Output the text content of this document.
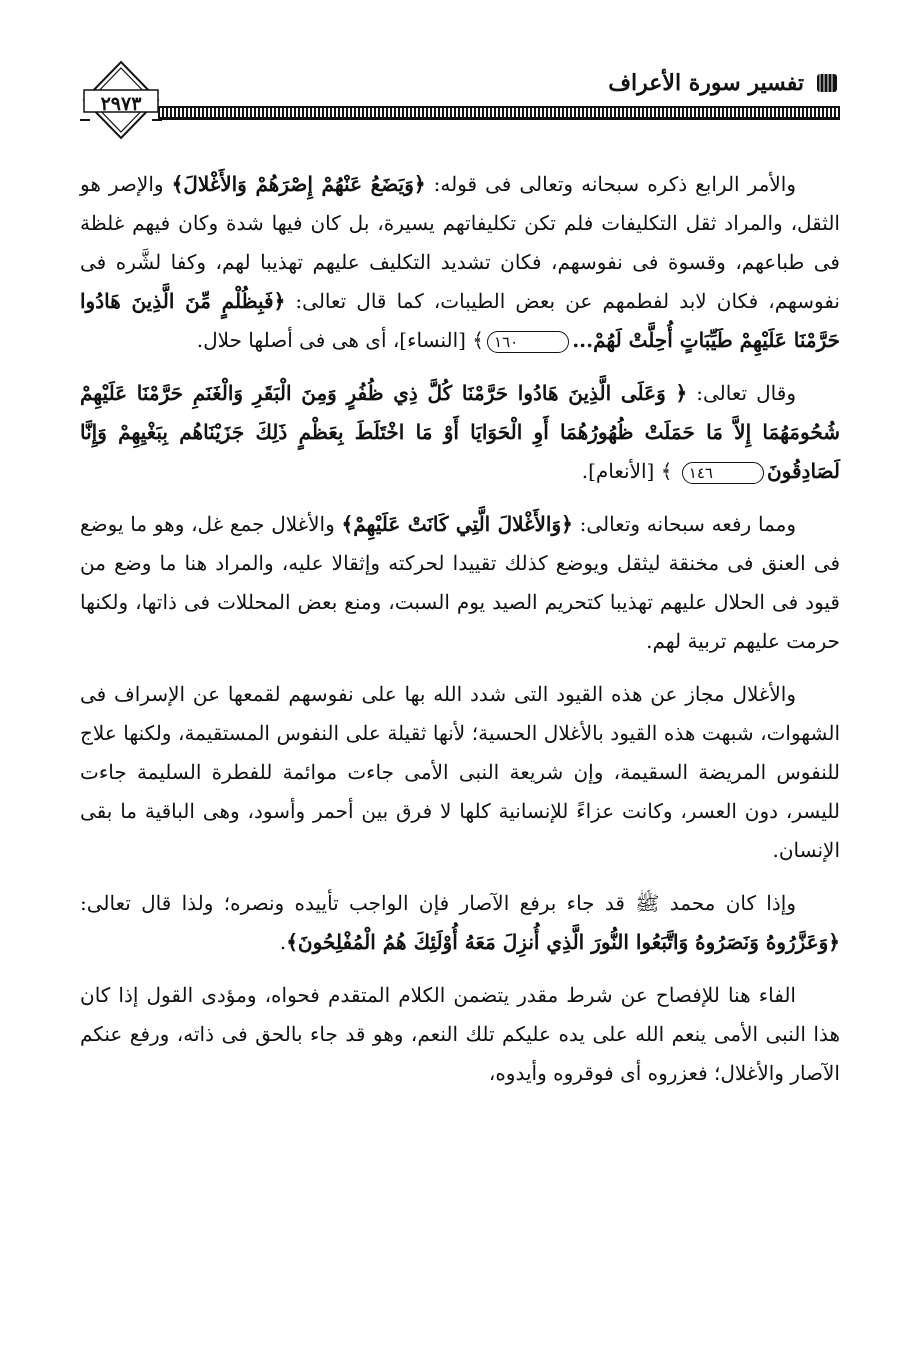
٢٩٧٣
تفسير سورة الأعراف

والأمر الرابع ذكره سبحانه وتعالى فى قوله: ﴿وَيَضَعُ عَنْهُمْ إِصْرَهُمْ وَالأَغْلالَ﴾ والإصر هو الثقل، والمراد ثقل التكليفات فلم تكن تكليفاتهم يسيرة، بل كان فيها شدة وكان فيهم غلظة فى طباعهم، وقسوة فى نفوسهم، فكان تشديد التكليف عليهم تهذيبا لهم، وكفا لشَّره فى نفوسهم، فكان لابد لفطمهم عن بعض الطيبات، كما قال تعالى: ﴿فَبِظُلْمٍ مِّنَ الَّذِينَ هَادُوا حَرَّمْنَا عَلَيْهِمْ طَيِّبَاتٍ أُحِلَّتْ لَهُمْ...١٦٠﴾ [النساء]، أى هى فى أصلها حلال.

وقال تعالى: ﴿ وَعَلَى الَّذِينَ هَادُوا حَرَّمْنَا كُلَّ ذِي ظُفُرٍ وَمِنَ الْبَقَرِ وَالْغَنَمِ حَرَّمْنَا عَلَيْهِمْ شُحُومَهُمَا إِلاَّ مَا حَمَلَتْ ظُهُورُهُمَا أَوِ الْحَوَايَا أَوْ مَا اخْتَلَطَ بِعَظْمٍ ذَلِكَ جَزَيْنَاهُم بِبَغْيِهِمْ وَإِنَّا لَصَادِقُونَ١٤٦ ﴾ [الأنعام].

ومما رفعه سبحانه وتعالى: ﴿وَالأَغْلالَ الَّتِي كَانَتْ عَلَيْهِمْ﴾ والأغلال جمع غل، وهو ما يوضع فى العنق فى مخنقة ليثقل ويوضع كذلك تقييدا لحركته وإثقالا عليه، والمراد هنا ما وضع من قيود فى الحلال عليهم تهذيبا كتحريم الصيد يوم السبت، ومنع بعض المحللات فى ذاتها، ولكنها حرمت عليهم تربية لهم.

والأغلال مجاز عن هذه القيود التى شدد الله بها على نفوسهم لقمعها عن الإسراف فى الشهوات، شبهت هذه القيود بالأغلال الحسية؛ لأنها ثقيلة على النفوس المستقيمة، ولكنها علاج للنفوس المريضة السقيمة، وإن شريعة النبى الأمى جاءت موائمة للفطرة السليمة جاءت لليسر، دون العسر، وكانت عزاءً للإنسانية كلها لا فرق بين أحمر وأسود، وهى الباقية ما بقى الإنسان.

وإذا كان محمد ﷺ قد جاء برفع الآصار فإن الواجب تأييده ونصره؛ ولذا قال تعالى: ﴿وَعَزَّرُوهُ وَنَصَرُوهُ وَاتَّبَعُوا النُّورَ الَّذِي أُنزِلَ مَعَهُ أُوْلَئِكَ هُمُ الْمُفْلِحُونَ﴾.

الفاء هنا للإفصاح عن شرط مقدر يتضمن الكلام المتقدم فحواه، ومؤدى القول إذا كان هذا النبى الأمى ينعم الله على يده عليكم تلك النعم، وهو قد جاء بالحق فى ذاته، ورفع عنكم الآصار والأغلال؛ فعزروه أى فوقروه وأيدوه،
